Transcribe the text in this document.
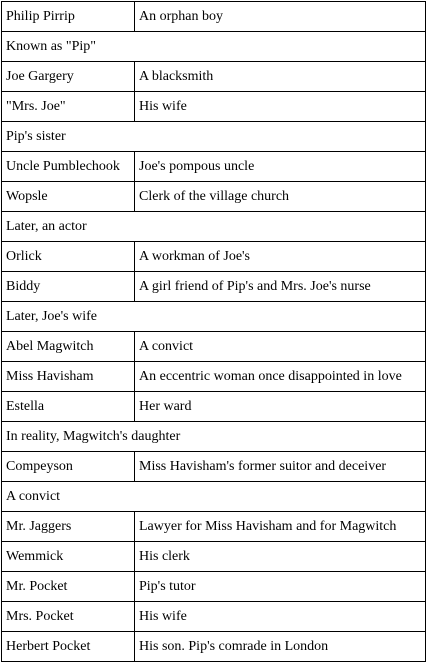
Philip Pirrip	An orphan boy
Known as "Pip"	
Joe Gargery	A blacksmith
"Mrs. Joe"	His wife
Pip's sister	
Uncle Pumblechook	Joe's pompous uncle
Wopsle	Clerk of the village church
Later, an actor	
Orlick	A workman of Joe's
Biddy	A girl friend of Pip's and Mrs. Joe's nurse
Later, Joe's wife	
Abel Magwitch	A convict
Miss Havisham	An eccentric woman once disappointed in love
Estella	Her ward
In reality, Magwitch's daughter	
Compeyson	Miss Havisham's former suitor and deceiver
A convict	
Mr. Jaggers	Lawyer for Miss Havisham and for Magwitch
Wemmick	His clerk
Mr. Pocket	Pip's tutor
Mrs. Pocket	His wife
Herbert Pocket	His son. Pip's comrade in London
